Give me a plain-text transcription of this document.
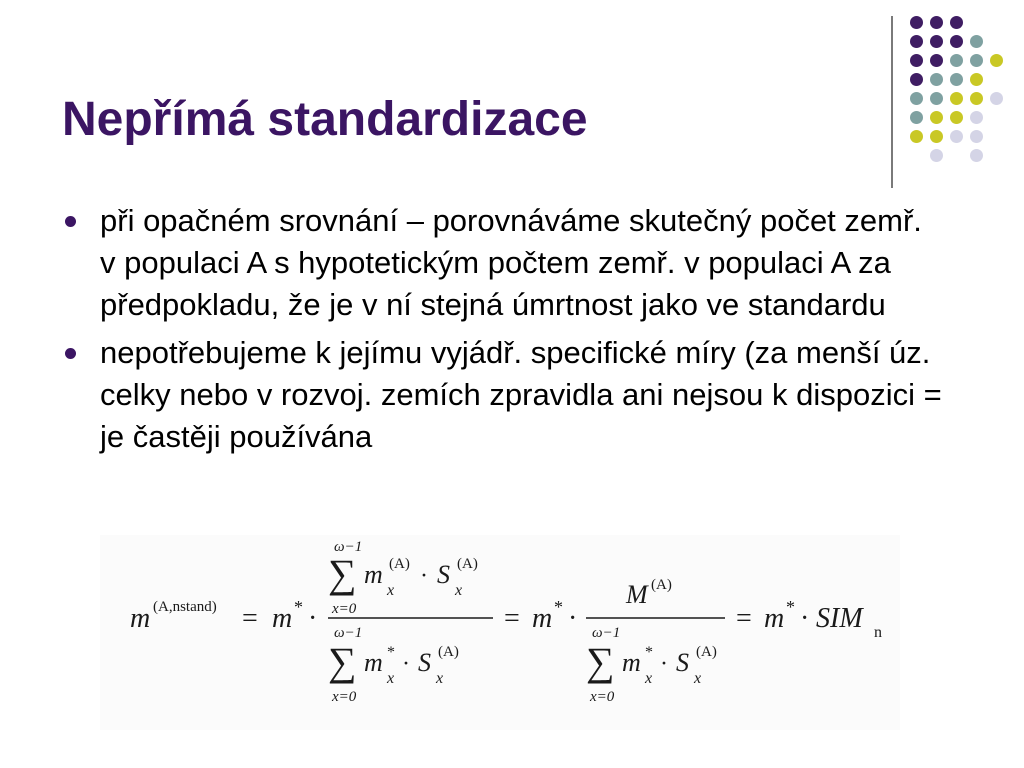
Nepřímá standardizace
při opačném srovnání – porovnáváme skutečný počet zemř. v populaci A s hypotetickým počtem zemř. v populaci A za předpokladu, že je v ní stejná úmrtnost jako ve standardu
nepotřebujeme k jejímu vyjádř. specifické míry (za menší úz. celky nebo v rozvoj. zemích zpravidla ani nejsou k dispozici = je častěji používána
m (A,nstand) = m * ·
ω−1
∑
x=0
m
x
(A) · S
x
(A)
ω−1
∑
x=0
m *
x
· S
x
(A)
= m * ·
M (A)
ω−1
∑
x=0
m *
x
· S
x
(A)
= m * · SIM n
